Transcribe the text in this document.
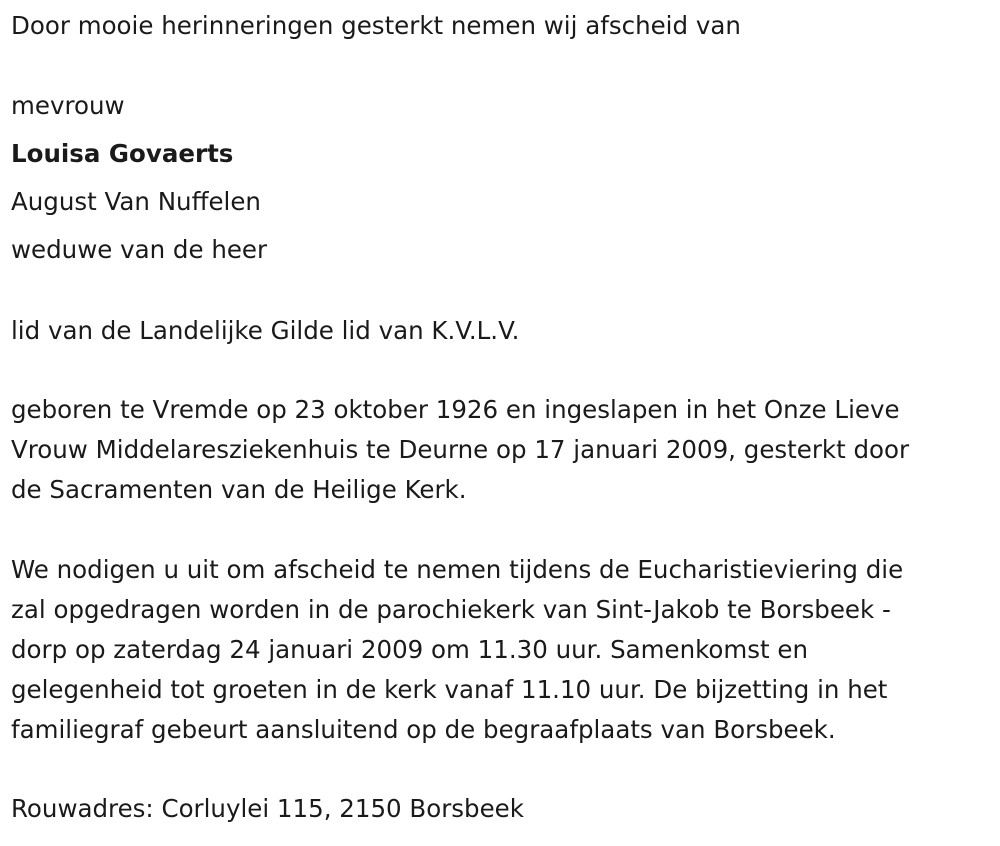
Door mooie herinneringen gesterkt nemen wij afscheid van

mevrouw

Louisa Govaerts

August Van Nuffelen

weduwe van de heer

lid van de Landelijke Gilde lid van K.V.L.V.

geboren te Vremde op 23 oktober 1926 en ingeslapen in het Onze Lieve

Vrouw Middelaresziekenhuis te Deurne op 17 januari 2009, gesterkt door

de Sacramenten van de Heilige Kerk.

We nodigen u uit om afscheid te nemen tijdens de Eucharistieviering die

zal opgedragen worden in de parochiekerk van Sint-Jakob te Borsbeek -

dorp op zaterdag 24 januari 2009 om 11.30 uur. Samenkomst en

gelegenheid tot groeten in de kerk vanaf 11.10 uur. De bijzetting in het

familiegraf gebeurt aansluitend op de begraafplaats van Borsbeek.

Rouwadres: Corluylei 115, 2150 Borsbeek
